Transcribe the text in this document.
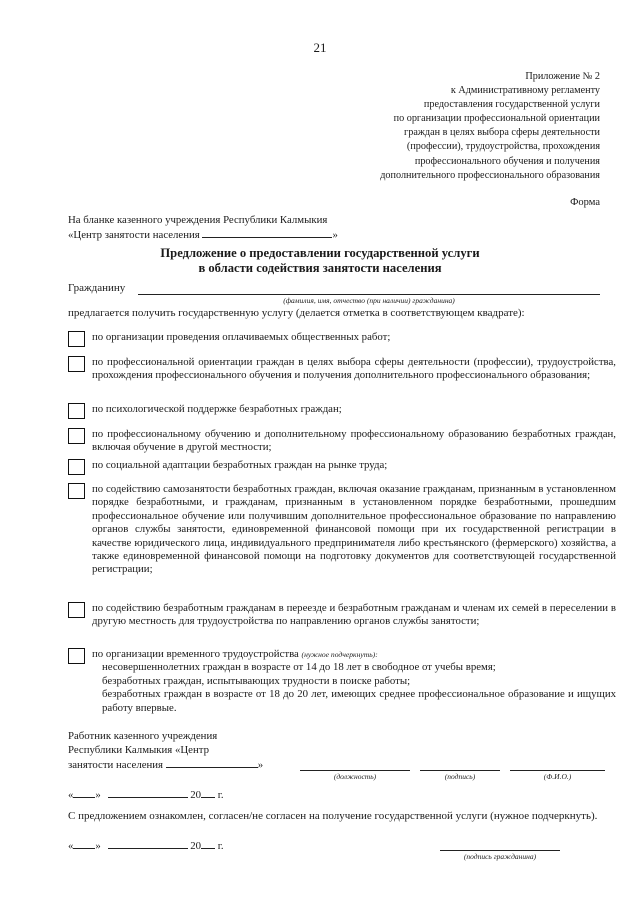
21
Приложение № 2
к Административному регламенту
предоставления государственной услуги
по организации профессиональной ориентации
граждан в целях выбора сферы деятельности
(профессии), трудоустройства, прохождения
профессионального обучения и получения
дополнительного профессионального образования
Форма
На бланке казенного учреждения Республики Калмыкия
«Центр занятости населения	»
Предложение о предоставлении государственной услуги
в области содействия занятости населения
Гражданину
(фамилия, имя, отчество (при наличии) гражданина)
предлагается получить государственную услугу (делается отметка в соответствующем квадрате):
по организации проведения оплачиваемых общественных работ;
по профессиональной ориентации граждан в целях выбора сферы деятельности (профессии), трудоустройства, прохождения профессионального обучения и получения дополнительного профессионального образования;
по психологической поддержке безработных граждан;
по профессиональному обучению и дополнительному профессиональному образованию безработных граждан, включая обучение в другой местности;
по социальной адаптации безработных граждан на рынке труда;
по содействию самозанятости безработных граждан, включая оказание гражданам, признанным в установленном порядке безработными, и гражданам, признанным в установленном порядке безработными, прошедшим профессиональное обучение или получившим дополнительное профессиональное образование по направлению органов службы занятости, единовременной финансовой помощи при их государственной регистрации в качестве юридического лица, индивидуального предпринимателя либо крестьянского (фермерского) хозяйства, а также единовременной финансовой помощи на подготовку документов для соответствующей государственной регистрации;
по содействию безработным гражданам в переезде и безработным гражданам и членам их семей в переселении в другую местность для трудоустройства по направлению органов службы занятости;
по организации временного трудоустройства (нужное подчеркнуть):
несовершеннолетних граждан в возрасте от 14 до 18 лет в свободное от учебы время;
безработных граждан, испытывающих трудности в поиске работы;
безработных граждан в возрасте от 18 до 20 лет, имеющих среднее профессиональное образование и ищущих работу впервые.
Работник казенного учреждения
Республики Калмыкия «Центр
занятости населения	»
(должность)	(подпись)	(Ф.И.О.)
« »	20 г.
С предложением ознакомлен, согласен/не согласен на получение государственной услуги (нужное подчеркнуть).
« »	20 г.
(подпись гражданина)
